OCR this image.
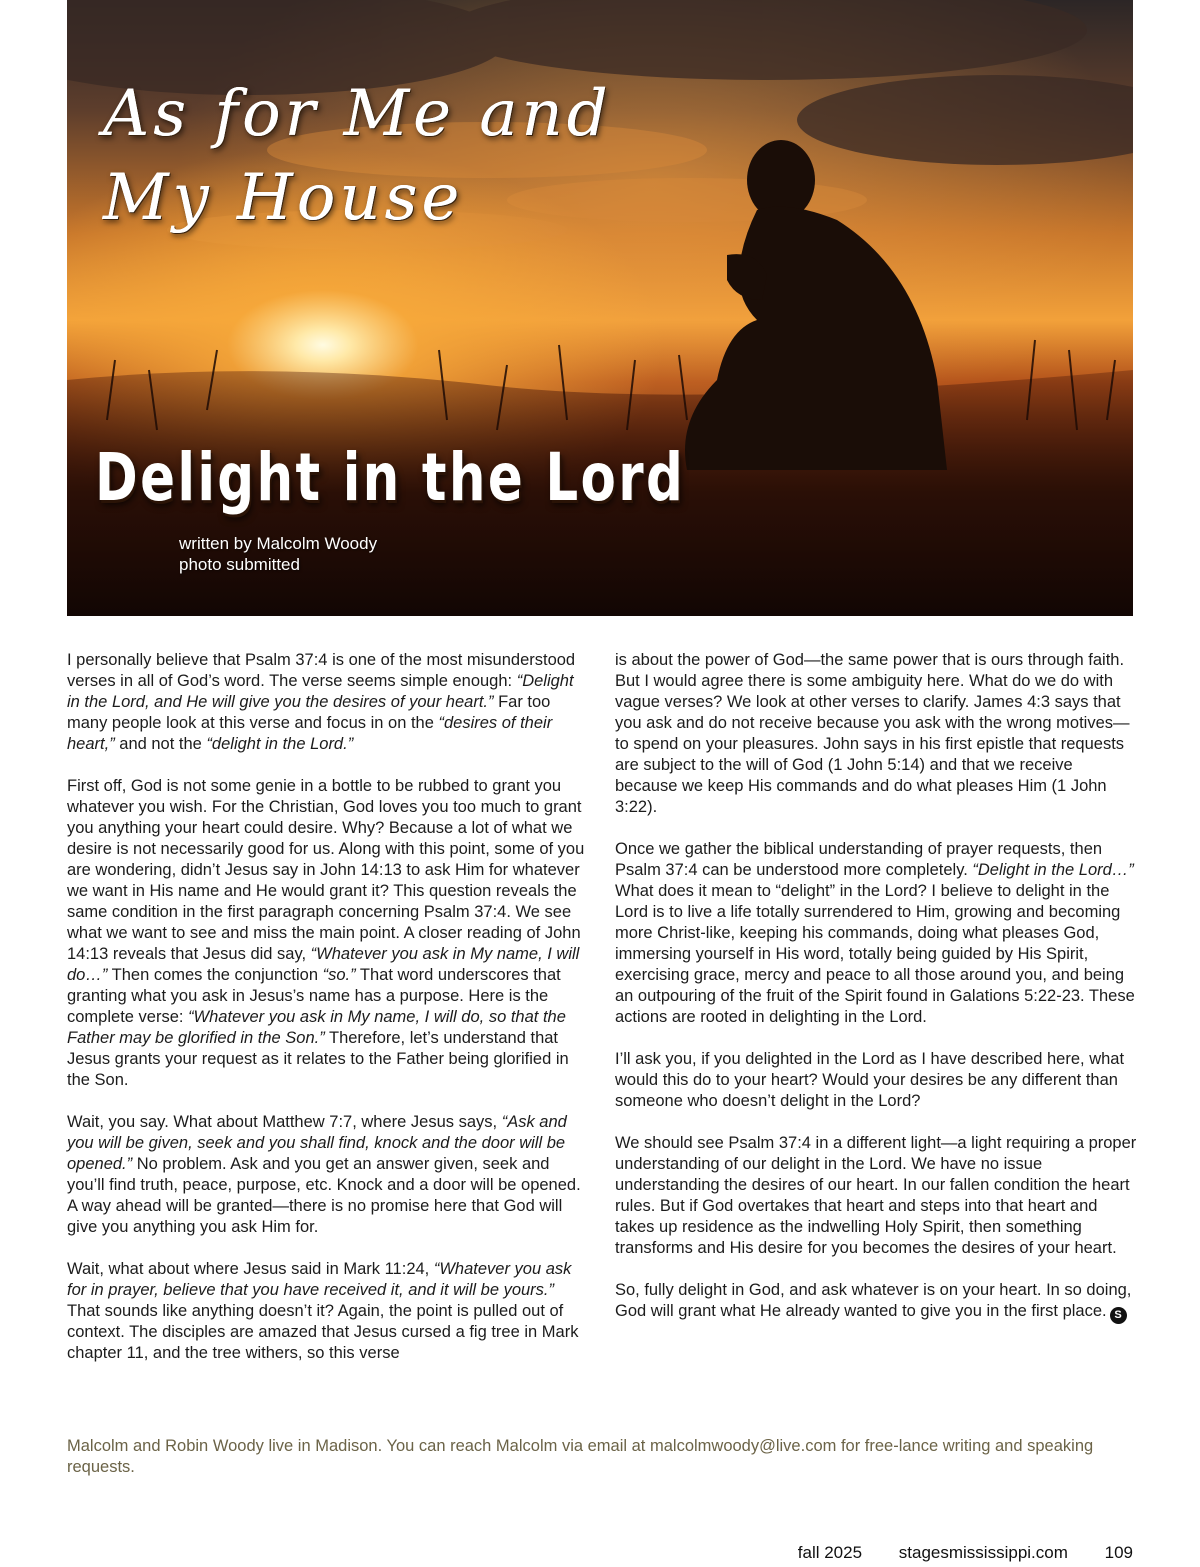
As for Me and My House
Delight in the Lord
written by Malcolm Woody
photo submitted

I personally believe that Psalm 37:4 is one of the most misunderstood verses in all of God’s word. The verse seems simple enough: “Delight in the Lord, and He will give you the desires of your heart.” Far too many people look at this verse and focus in on the “desires of their heart,” and not the “delight in the Lord.”

First off, God is not some genie in a bottle to be rubbed to grant you whatever you wish. For the Christian, God loves you too much to grant you anything your heart could desire. Why? Because a lot of what we desire is not necessarily good for us. Along with this point, some of you are wondering, didn’t Jesus say in John 14:13 to ask Him for whatever we want in His name and He would grant it? This question reveals the same condition in the first paragraph concerning Psalm 37:4. We see what we want to see and miss the main point. A closer reading of John 14:13 reveals that Jesus did say, “Whatever you ask in My name, I will do…” Then comes the conjunction “so.” That word underscores that granting what you ask in Jesus’s name has a purpose. Here is the complete verse: “Whatever you ask in My name, I will do, so that the Father may be glorified in the Son.” Therefore, let’s understand that Jesus grants your request as it relates to the Father being glorified in the Son.

Wait, you say. What about Matthew 7:7, where Jesus says, “Ask and you will be given, seek and you shall find, knock and the door will be opened.” No problem. Ask and you get an answer given, seek and you’ll find truth, peace, purpose, etc. Knock and a door will be opened. A way ahead will be granted—there is no promise here that God will give you anything you ask Him for.

Wait, what about where Jesus said in Mark 11:24, “Whatever you ask for in prayer, believe that you have received it, and it will be yours.” That sounds like anything doesn’t it? Again, the point is pulled out of context. The disciples are amazed that Jesus cursed a fig tree in Mark chapter 11, and the tree withers, so this verse

is about the power of God—the same power that is ours through faith. But I would agree there is some ambiguity here. What do we do with vague verses? We look at other verses to clarify. James 4:3 says that you ask and do not receive because you ask with the wrong motives—to spend on your pleasures. John says in his first epistle that requests are subject to the will of God (1 John 5:14) and that we receive because we keep His commands and do what pleases Him (1 John 3:22).

Once we gather the biblical understanding of prayer requests, then Psalm 37:4 can be understood more completely. “Delight in the Lord…” What does it mean to “delight” in the Lord? I believe to delight in the Lord is to live a life totally surrendered to Him, growing and becoming more Christ-like, keeping his commands, doing what pleases God, immersing yourself in His word, totally being guided by His Spirit, exercising grace, mercy and peace to all those around you, and being an outpouring of the fruit of the Spirit found in Galations 5:22-23. These actions are rooted in delighting in the Lord.

I’ll ask you, if you delighted in the Lord as I have described here, what would this do to your heart? Would your desires be any different than someone who doesn’t delight in the Lord?

We should see Psalm 37:4 in a different light—a light requiring a proper understanding of our delight in the Lord. We have no issue understanding the desires of our heart. In our fallen condition the heart rules. But if God overtakes that heart and steps into that heart and takes up residence as the indwelling Holy Spirit, then something transforms and His desire for you becomes the desires of your heart.

So, fully delight in God, and ask whatever is on your heart. In so doing, God will grant what He already wanted to give you in the first place. S

Malcolm and Robin Woody live in Madison. You can reach Malcolm via email at malcolmwoody@live.com for free-lance writing and speaking requests.

fall 2025 stagesmississippi.com 109
